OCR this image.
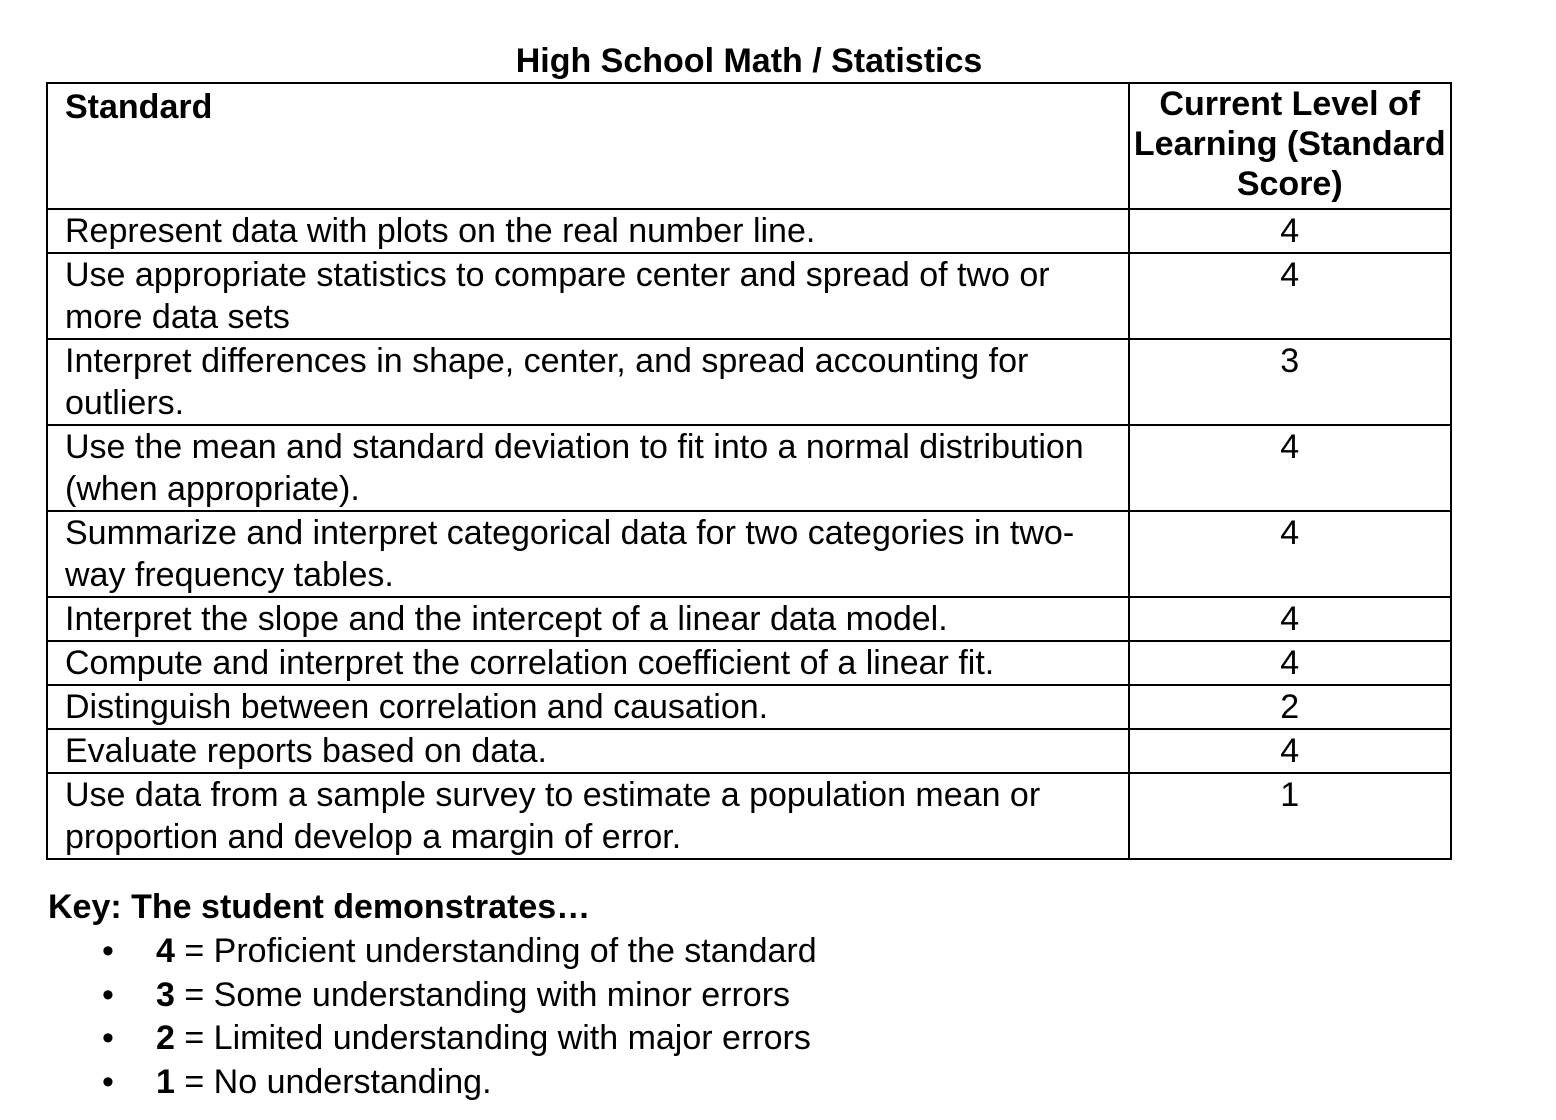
High School Math / Statistics
Standard	Current Level of Learning (Standard Score)
Represent data with plots on the real number line.	4
Use appropriate statistics to compare center and spread of two or more data sets	4
Interpret differences in shape, center, and spread accounting for outliers.	3
Use the mean and standard deviation to fit into a normal distribution (when appropriate).	4
Summarize and interpret categorical data for two categories in two-way frequency tables.	4
Interpret the slope and the intercept of a linear data model.	4
Compute and interpret the correlation coefficient of a linear fit.	4
Distinguish between correlation and causation.	2
Evaluate reports based on data.	4
Use data from a sample survey to estimate a population mean or proportion and develop a margin of error.	1
Key: The student demonstrates…
• 4 = Proficient understanding of the standard
• 3 = Some understanding with minor errors
• 2 = Limited understanding with major errors
• 1 = No understanding.
